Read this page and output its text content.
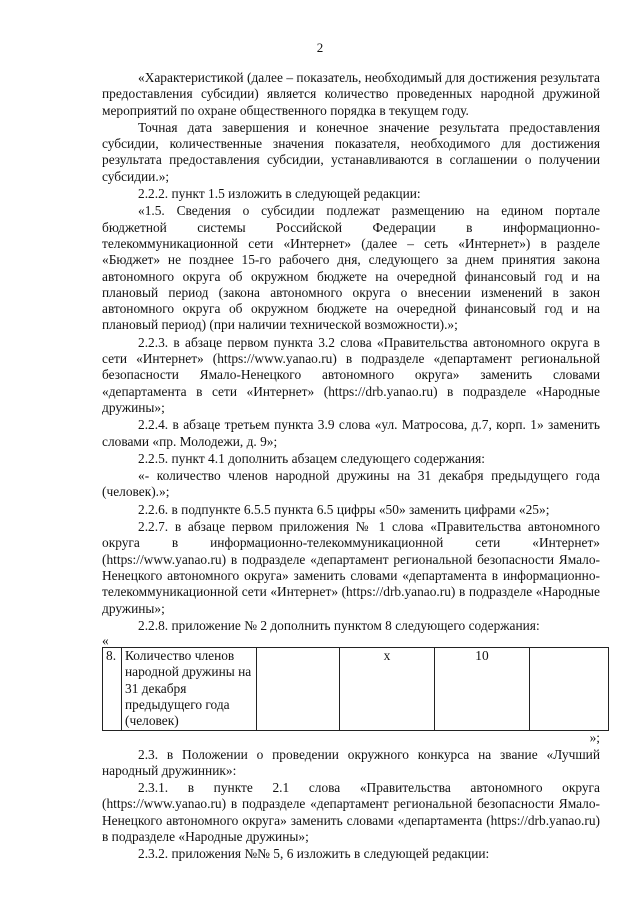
2

«Характеристикой (далее – показатель, необходимый для достижения результата предоставления субсидии) является количество проведенных народной дружиной мероприятий по охране общественного порядка в текущем году.

Точная дата завершения и конечное значение результата предоставления субсидии, количественные значения показателя, необходимого для достижения результата предоставления субсидии, устанавливаются в соглашении о получении субсидии.»;

2.2.2. пункт 1.5 изложить в следующей редакции:

«1.5. Сведения о субсидии подлежат размещению на едином портале бюджетной системы Российской Федерации в информационно-телекоммуникационной сети «Интернет» (далее – сеть «Интернет») в разделе «Бюджет» не позднее 15-го рабочего дня, следующего за днем принятия закона автономного округа об окружном бюджете на очередной финансовый год и на плановый период (закона автономного округа о внесении изменений в закон автономного округа об окружном бюджете на очередной финансовый год и на плановый период) (при наличии технической возможности).»;

2.2.3. в абзаце первом пункта 3.2 слова «Правительства автономного округа в сети «Интернет» (https://www.yanao.ru) в подразделе «департамент региональной безопасности Ямало-Ненецкого автономного округа» заменить словами «департамента в сети «Интернет» (https://drb.yanao.ru) в подразделе «Народные дружины»;

2.2.4. в абзаце третьем пункта 3.9 слова «ул. Матросова, д.7, корп. 1» заменить словами «пр. Молодежи, д. 9»;

2.2.5. пункт 4.1 дополнить абзацем следующего содержания:

«- количество членов народной дружины на 31 декабря предыдущего года (человек).»;

2.2.6. в подпункте 6.5.5 пункта 6.5 цифры «50» заменить цифрами «25»;

2.2.7. в абзаце первом приложения № 1 слова «Правительства автономного округа в информационно-телекоммуникационной сети «Интернет» (https://www.yanao.ru) в подразделе «департамент региональной безопасности Ямало-Ненецкого автономного округа» заменить словами «департамента в информационно-телекоммуникационной сети «Интернет» (https://drb.yanao.ru) в подразделе «Народные дружины»;

2.2.8. приложение № 2 дополнить пунктом 8 следующего содержания:

«

8.	Количество членов народной дружины на 31 декабря предыдущего года (человек)		х	10	

»;

2.3. в Положении о проведении окружного конкурса на звание «Лучший народный дружинник»:

2.3.1. в пункте 2.1 слова «Правительства автономного округа (https://www.yanao.ru) в подразделе «департамент региональной безопасности Ямало-Ненецкого автономного округа» заменить словами «департамента (https://drb.yanao.ru) в подразделе «Народные дружины»;

2.3.2. приложения №№ 5, 6 изложить в следующей редакции:
